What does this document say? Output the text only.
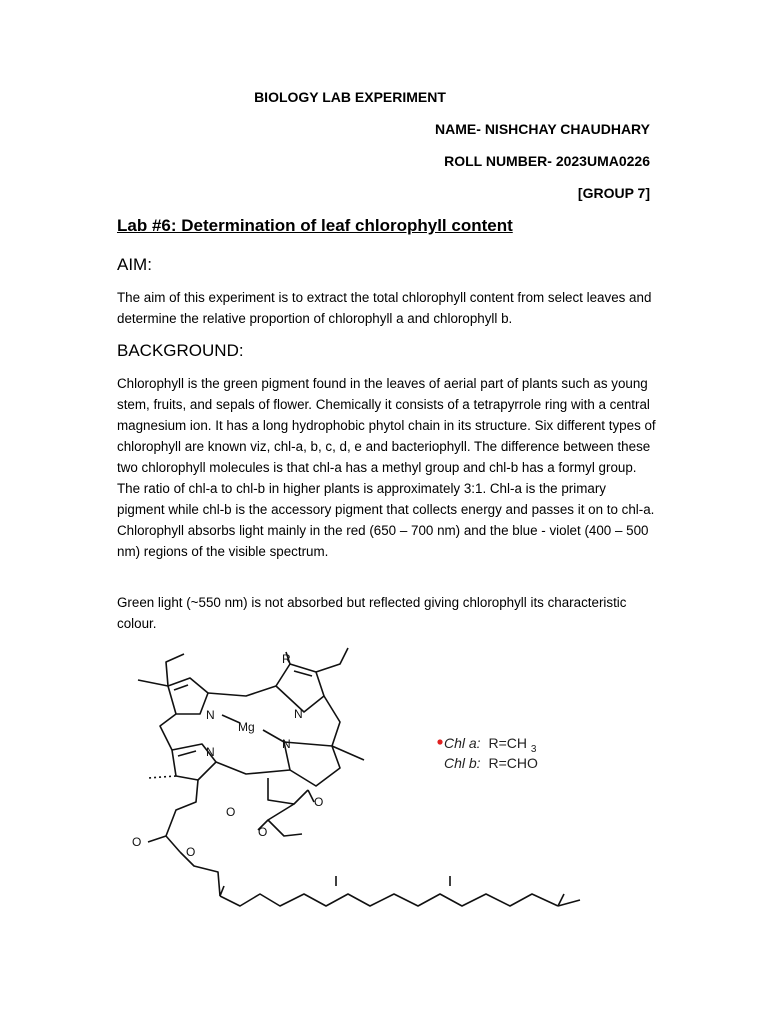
BIOLOGY LAB EXPERIMENT
NAME- NISHCHAY CHAUDHARY
ROLL NUMBER- 2023UMA0226
[GROUP 7]
Lab #6: Determination of leaf chlorophyll content
AIM:
The aim of this experiment is to extract the total chlorophyll content from select leaves and determine the relative proportion of chlorophyll a and chlorophyll b.
BACKGROUND:
Chlorophyll is the green pigment found in the leaves of aerial part of plants such as young stem, fruits, and sepals of flower. Chemically it consists of a tetrapyrrole ring with a central magnesium ion. It has a long hydrophobic phytol chain in its structure. Six different types of chlorophyll are known viz, chl-a, b, c, d, e and bacteriophyll. The difference between these two chlorophyll molecules is that chl-a has a methyl group and chl-b has a formyl group. The ratio of chl-a to chl-b in higher plants is approximately 3:1. Chl-a is the primary pigment while chl-b is the accessory pigment that collects energy and passes it on to chl-a. Chlorophyll absorbs light mainly in the red (650 – 700 nm) and the blue - violet (400 – 500 nm) regions of the visible spectrum.
Green light (~550 nm) is not absorbed but reflected giving chlorophyll its characteristic colour.
R
N	N
Mg
N
N
O
O
O
O
O
Chl a: R=CH $_3$
Chl b: R=CHO
